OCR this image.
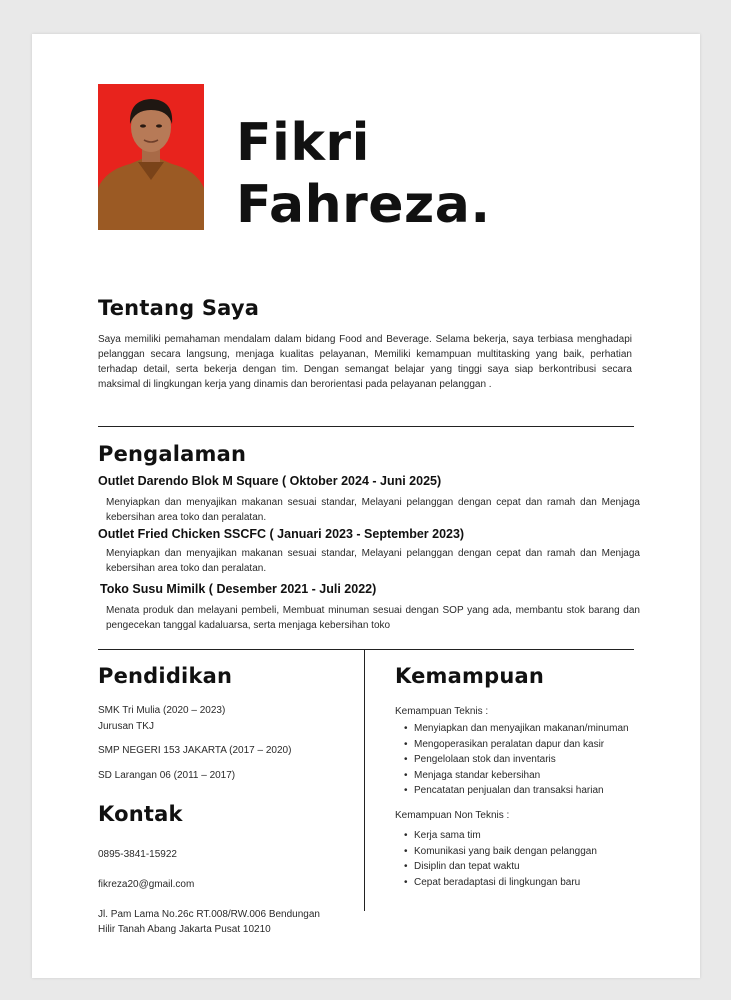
Fikri
Fahreza.
Tentang Saya
Saya memiliki pemahaman mendalam dalam bidang Food and Beverage. Selama bekerja, saya terbiasa menghadapi pelanggan secara langsung, menjaga kualitas pelayanan, Memiliki kemampuan multitasking yang baik, perhatian terhadap detail, serta bekerja dengan tim. Dengan semangat belajar yang tinggi saya siap berkontribusi secara maksimal di lingkungan kerja yang dinamis dan berorientasi pada pelayanan pelanggan .
Pengalaman
Outlet Darendo Blok M Square ( Oktober 2024 - Juni 2025)
Menyiapkan dan menyajikan makanan sesuai standar, Melayani pelanggan dengan cepat dan ramah dan Menjaga kebersihan area toko dan peralatan.
Outlet Fried Chicken SSCFC ( Januari 2023 - September 2023)
Menyiapkan dan menyajikan makanan sesuai standar, Melayani pelanggan dengan cepat dan ramah dan Menjaga kebersihan area toko dan peralatan.
Toko Susu Mimilk ( Desember 2021 - Juli 2022)
Menata produk dan melayani pembeli, Membuat minuman sesuai dengan SOP yang ada, membantu stok barang dan pengecekan tanggal kadaluarsa, serta menjaga kebersihan toko
Pendidikan
SMK Tri Mulia (2020 – 2023)
Jurusan TKJ
SMP NEGERI 153 JAKARTA (2017 – 2020)
SD Larangan 06 (2011 – 2017)
Kontak
0895-3841-15922
fikreza20@gmail.com
Jl. Pam Lama No.26c RT.008/RW.006 Bendungan
Hilir Tanah Abang Jakarta Pusat 10210
Kemampuan
Kemampuan Teknis :
• Menyiapkan dan menyajikan makanan/minuman
• Mengoperasikan peralatan dapur dan kasir
• Pengelolaan stok dan inventaris
• Menjaga standar kebersihan
• Pencatatan penjualan dan transaksi harian
Kemampuan Non Teknis :
• Kerja sama tim
• Komunikasi yang baik dengan pelanggan
• Disiplin dan tepat waktu
• Cepat beradaptasi di lingkungan baru
